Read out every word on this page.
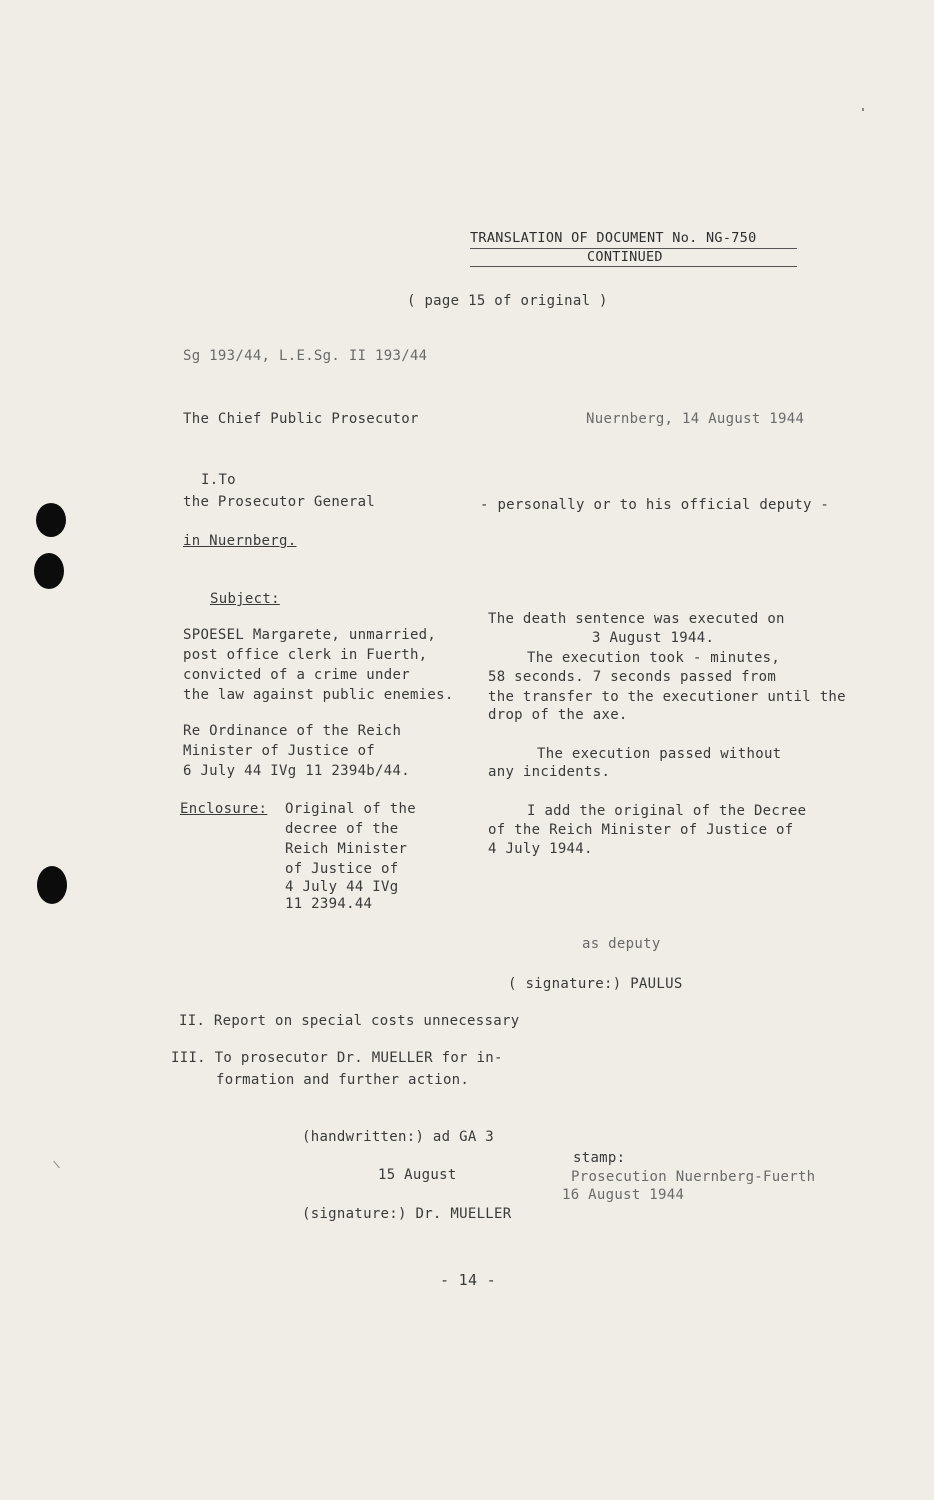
TRANSLATION OF DOCUMENT No. NG-750
CONTINUED
( page 15 of original )
Sg 193/44, L.E.Sg. II 193/44
The Chief Public Prosecutor	Nuernberg, 14 August 1944
I.To
the Prosecutor General	- personally or to his official deputy -
in Nuernberg.
Subject:
SPOESEL Margarete, unmarried,
post office clerk in Fuerth,
convicted of a crime under
the law against public enemies.
Re Ordinance of the Reich
Minister of Justice of
6 July 44 IVg 11 2394b/44.
Enclosure: Original of the
decree of the
Reich Minister
of Justice of
4 July 44 IVg
11 2394.44
The death sentence was executed on
3 August 1944.
The execution took - minutes,
58 seconds. 7 seconds passed from
the transfer to the executioner until the
drop of the axe.
The execution passed without
any incidents.
I add the original of the Decree
of the Reich Minister of Justice of
4 July 1944.
as deputy
( signature:) PAULUS
II. Report on special costs unnecessary
III. To prosecutor Dr. MUELLER for in-
formation and further action.
(handwritten:) ad GA 3
15 August
(signature:) Dr. MUELLER
stamp:
Prosecution Nuernberg-Fuerth
16 August 1944
- 14 -
